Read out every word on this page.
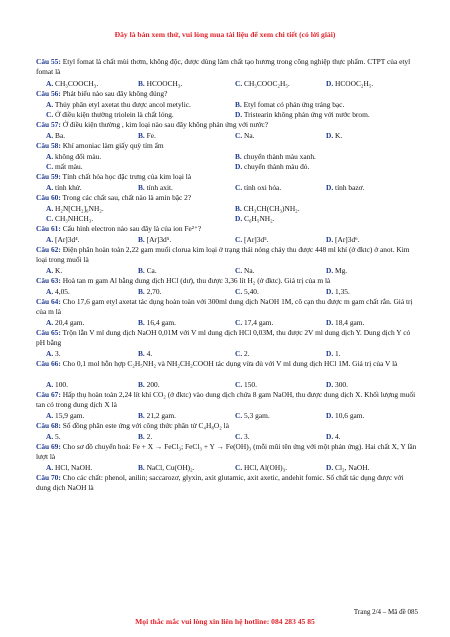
Đây là bản xem thử, vui lòng mua tài liệu để xem chi tiết (có lời giải)
Câu 55: Etyl fomat là chất mùi thơm, không độc, được dùng làm chất tạo hương trong công nghiệp thực phẩm. CTPT của etyl fomat là
A. CH₃COOCH₃.	B. HCOOCH₃.	C. CH₃COOC₂H₅.	D. HCOOC₂H₅.
Câu 56: Phát biểu nào sau đây không đúng?
A. Thủy phân etyl axetat thu được ancol metylic.	B. Etyl fomat có phản ứng tráng bạc.
C. Ở điều kiện thường triolein là chất lỏng.	D. Tristearin không phản ứng với nước brom.
Câu 57: Ở điều kiện thường , kim loại nào sau đây không phản ứng với nước?
A. Ba.	B. Fe.	C. Na.	D. K.
Câu 58: Khí amoniac làm giấy quỳ tím ẩm
A. không đổi màu.	B. chuyển thành màu xanh.
C. mất màu.	D. chuyển thành màu đỏ.
Câu 59: Tính chất hóa học đặc trưng của kim loại là
A. tính khử.	B. tính axit.	C. tính oxi hóa.	D. tính bazơ.
Câu 60: Trong các chất sau, chất nào là amin bậc 2?
A. H₂N[CH₂]₆NH₂.	B. CH₃CH(CH₃)NH₂.
C. CH₃NHCH₃.	D. C₆H₅NH₂.
Câu 61: Cấu hình electron nào sau đây là của ion Fe²⁺?
A. [Ar]3d⁴.	B. [Ar]3d⁵.	C. [Ar]3d⁵.	D. [Ar]3d⁶.
Câu 62: Điện phân hoàn toàn 2,22 gam muối clorua kim loại ở trạng thái nóng chảy thu được 448 ml khí (ở đktc) ở anot. Kim loại trong muối là
A. K.	B. Ca.	C. Na.	D. Mg.
Câu 63: Hoà tan m gam Al bằng dung dịch HCl (dư), thu được 3,36 lít H₂ (ở đktc). Giá trị của m là
A. 4,05.	B. 2,70.	C. 5,40.	D. 1,35.
Câu 64: Cho 17,6 gam etyl axetat tác dụng hoàn toàn với 300ml dung dịch NaOH 1M, cô cạn thu được m gam chất rắn. Giá trị của m là
A. 20,4 gam.	B. 16,4 gam.	C. 17,4 gam.	D. 18,4 gam.
Câu 65: Trộn lẫn V ml dung dịch NaOH 0,01M với V ml dung dịch HCl 0,03M, thu được 2V ml dung dịch Y. Dung dịch Y có pH bằng
A. 3.	B. 4.	C. 2.	D. 1.
Câu 66: Cho 0,1 mol hỗn hợp C₂H₅NH₂ và NH₂CH₂COOH tác dụng vừa đủ với V ml dung dịch HCl 1M. Giá trị của V là
A. 100.	B. 200.	C. 150.	D. 300.
Câu 67: Hấp thụ hoàn toàn 2,24 lít khí CO₂ (ở đktc) vào dung dịch chứa 8 gam NaOH, thu được dung dịch X. Khối lượng muối tan có trong dung dịch X là
A. 15,9 gam.	B. 21,2 gam.	C. 5,3 gam.	D. 10,6 gam.
Câu 68: Số đồng phân este ứng với công thức phân tử C₄H₈O₂ là
A. 5.	B. 2.	C. 3.	D. 4.
Câu 69: Cho sơ đồ chuyển hoá: Fe + X → FeCl₃; FeCl₃ + Y → Fe(OH)₃ (mỗi mũi tên ứng với một phản ứng). Hai chất X, Y lần lượt là
A. HCl, NaOH.	B. NaCl, Cu(OH)₂.	C. HCl, Al(OH)₃.	D. Cl₂, NaOH.
Câu 70: Cho các chất: phenol, anilin; saccarozơ, glyxin, axit glutamic, axit axetic, andehit fomic. Số chất tác dụng được với dung dịch NaOH là
Trang 2/4 – Mã đề 085
Mọi thắc mắc vui lòng xin liên hệ hotline: 084 283 45 85
